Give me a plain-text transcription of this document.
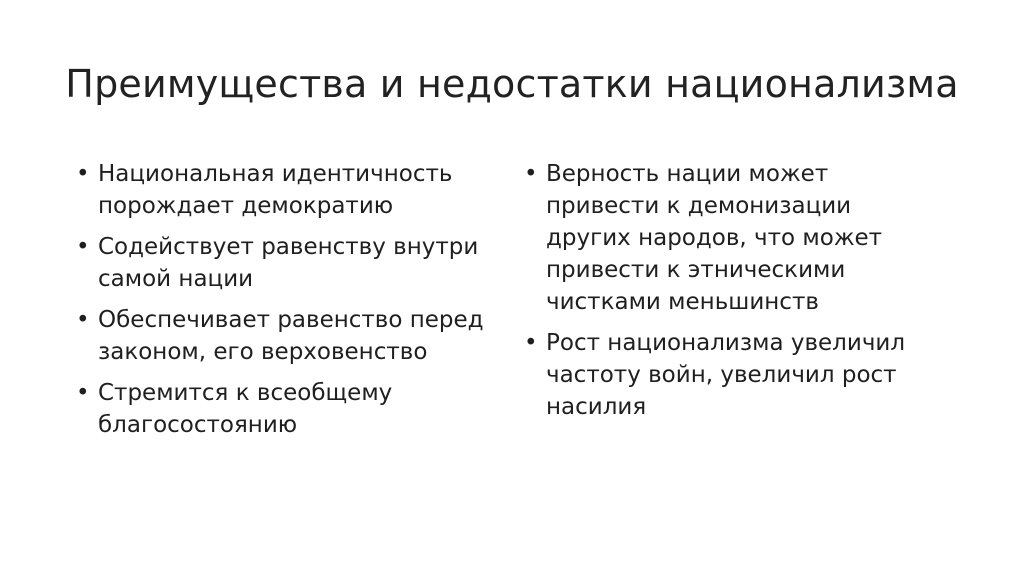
Преимущества и недостатки национализма
• Национальная идентичность
порождает демократию
• Содействует равенству внутри
самой нации
• Обеспечивает равенство перед
законом, его верховенство
• Стремится к всеобщему
благосостоянию
• Верность нации может
привести к демонизации
других народов, что может
привести к этническими
чистками меньшинств
• Рост национализма увеличил
частоту войн, увеличил рост
насилия
